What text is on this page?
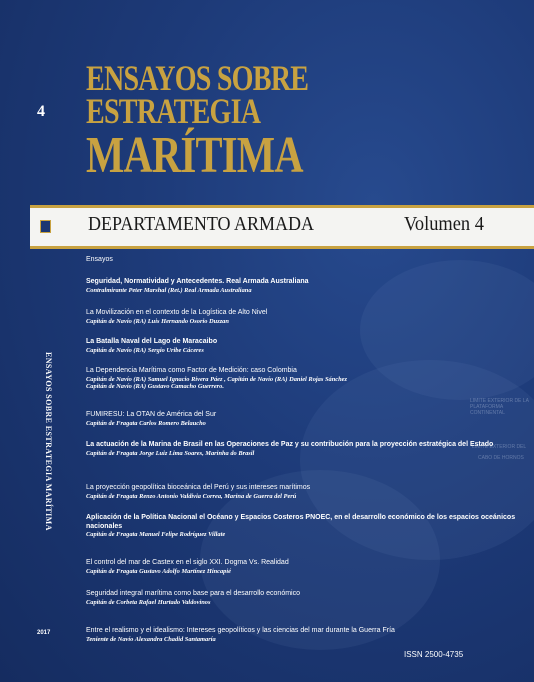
LIMITE EXTERIOR DE LA PLATAFORMA CONTINENTAL
LÍMITE EXTERIOR DEL
CABO DE HORNOS
4
ENSAYOS SOBRE
ESTRATEGIA
MARÍTIMA
DEPARTAMENTO ARMADA	Volumen 4
ENSAYOS SOBRE ESTRATEGIA MARÍTIMA
2017
Ensayos
Seguridad, Normatividad y Antecedentes. Real Armada Australiana
Contralmirante Peter Marshal (Ret.) Real Armada Australiana
La Movilización en el contexto de la Logística de Alto Nivel
Capitán de Navío (RA) Luis Hernando Osorio Duzzan
La Batalla Naval del Lago de Maracaibo
Capitán de Navío (RA) Sergio Uribe Cáceres
La Dependencia Marítima como Factor de Medición: caso Colombia
Capitán de Navío (RA) Samuel Ignacio Rivera Páez , Capitán de Navío (RA) Daniel Rojas Sánchez
Capitán de Navío (RA) Gustavo Camacho Guerrero.
FUMIRESU: La OTAN de América del Sur
Capitán de Fragata Carlos Romero Belaucho
La actuación de la Marina de Brasil en las Operaciones de Paz y su contribución para la proyección estratégica del Estado
Capitán de Fragata Jorge Luiz Lima Soares, Marinha do Brasil
La proyección geopolítica bioceánica del Perú y sus intereses marítimos
Capitán de Fragata Renzo Antonio Valdivia Correa, Marina de Guerra del Perú
Aplicación de la Política Nacional el Océano y Espacios Costeros PNOEC, en el desarrollo económico de los espacios oceánicos nacionales
Capitán de Fragata Manuel Felipe Rodríguez Villate
El control del mar de Castex en el siglo XXI. Dogma Vs. Realidad
Capitán de Fragata Gustavo Adolfo Martínez Hincapié
Seguridad integral marítima como base para el desarrollo económico
Capitán de Corbeta Rafael Hurtado Valdovinos
Entre el realismo y el idealismo: Intereses geopolíticos y las ciencias del mar durante la Guerra Fría
Teniente de Navío Alexandra Chadid Santamaría
ISSN 2500-4735
